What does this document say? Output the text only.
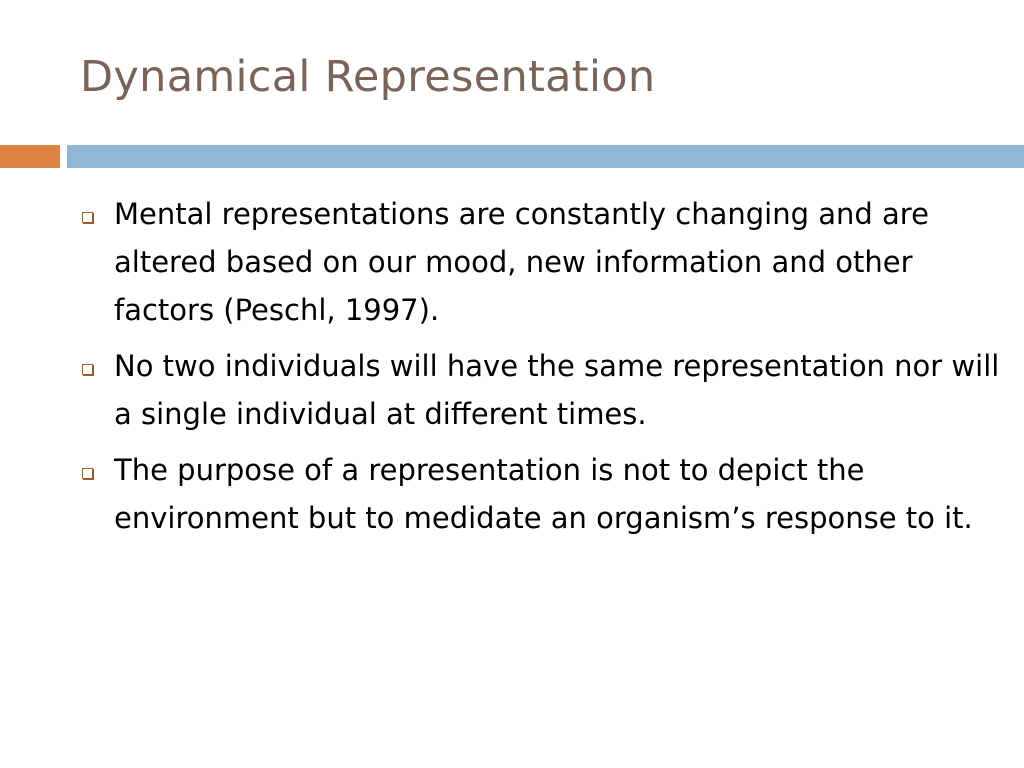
Dynamical Representation
Mental representations are constantly changing and are altered based on our mood, new information and other factors (Peschl, 1997).
No two individuals will have the same representation nor will a single individual at different times.
The purpose of a representation is not to depict the environment but to medidate an organism’s response to it.
